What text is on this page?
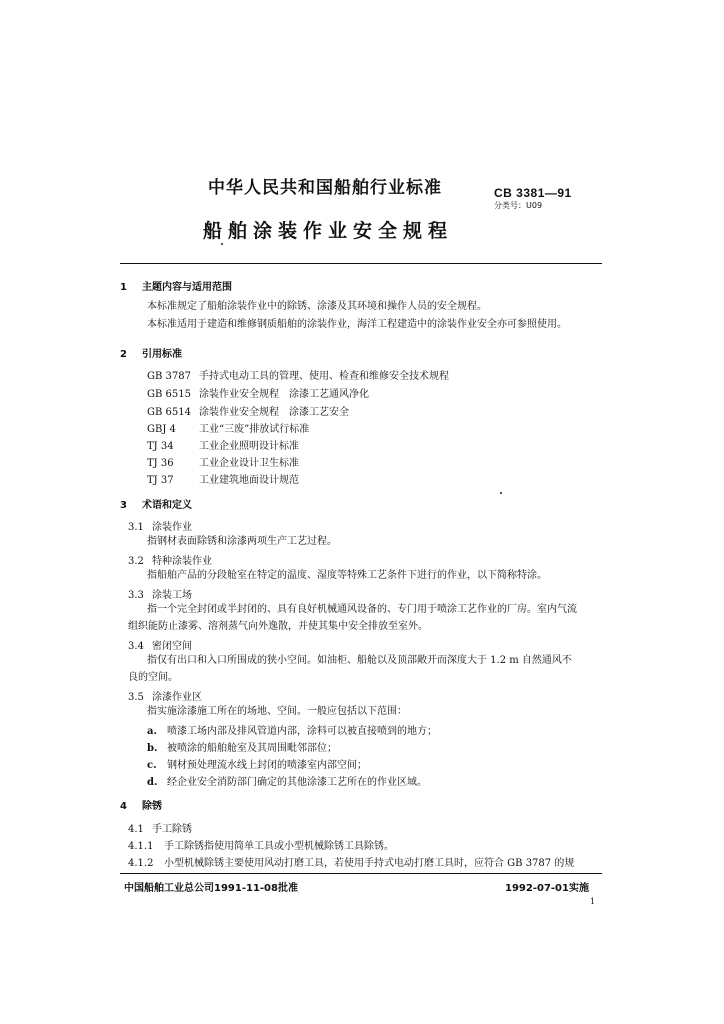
中华人民共和国船舶行业标准	CB 3381—91
分类号：U09
船舶涂装作业安全规程
1 主题内容与适用范围
本标准规定了船舶涂装作业中的除锈、涂漆及其环境和操作人员的安全规程。
本标准适用于建造和维修钢质船舶的涂装作业，海洋工程建造中的涂装作业安全亦可参照使用。
2 引用标准
GB 3787 手持式电动工具的管理、使用、检查和维修安全技术规程
GB 6515 涂装作业安全规程　涂漆工艺通风净化
GB 6514 涂装作业安全规程　涂漆工艺安全
GBJ 4 工业“三废”排放试行标准
TJ 34	工业企业照明设计标准
TJ 36	工业企业设计卫生标准
TJ 37	工业建筑地面设计规范
3 术语和定义
3.1 涂装作业
指钢材表面除锈和涂漆两项生产工艺过程。
3.2 特种涂装作业
指船舶产品的分段舱室在特定的温度、湿度等特殊工艺条件下进行的作业，以下简称特涂。
3.3 涂装工场
指一个完全封闭或半封闭的、具有良好机械通风设备的、专门用于喷涂工艺作业的厂房。室内气流
组织能防止漆雾、溶剂蒸气向外逸散，并使其集中安全排放至室外。
3.4 密闭空间
指仅有出口和入口所围成的狭小空间。如油柜、船舱以及顶部敞开而深度大于 1.2 m 自然通风不
良的空间。
3.5 涂漆作业区
指实施涂漆施工所在的场地、空间。一般应包括以下范围：
a. 喷漆工场内部及排风管道内部，涂料可以被直接喷到的地方；
b. 被喷涂的船舶舱室及其周围毗邻部位；
c. 钢材预处理流水线上封闭的喷漆室内部空间；
d. 经企业安全消防部门确定的其他涂漆工艺所在的作业区域。
4 除锈
4.1 手工除锈
4.1.1 手工除锈指使用简单工具或小型机械除锈工具除锈。
4.1.2 小型机械除锈主要使用风动打磨工具，若使用手持式电动打磨工具时，应符合 GB 3787 的规
中国船舶工业总公司1991-11-08批准	1992-07-01实施
1
